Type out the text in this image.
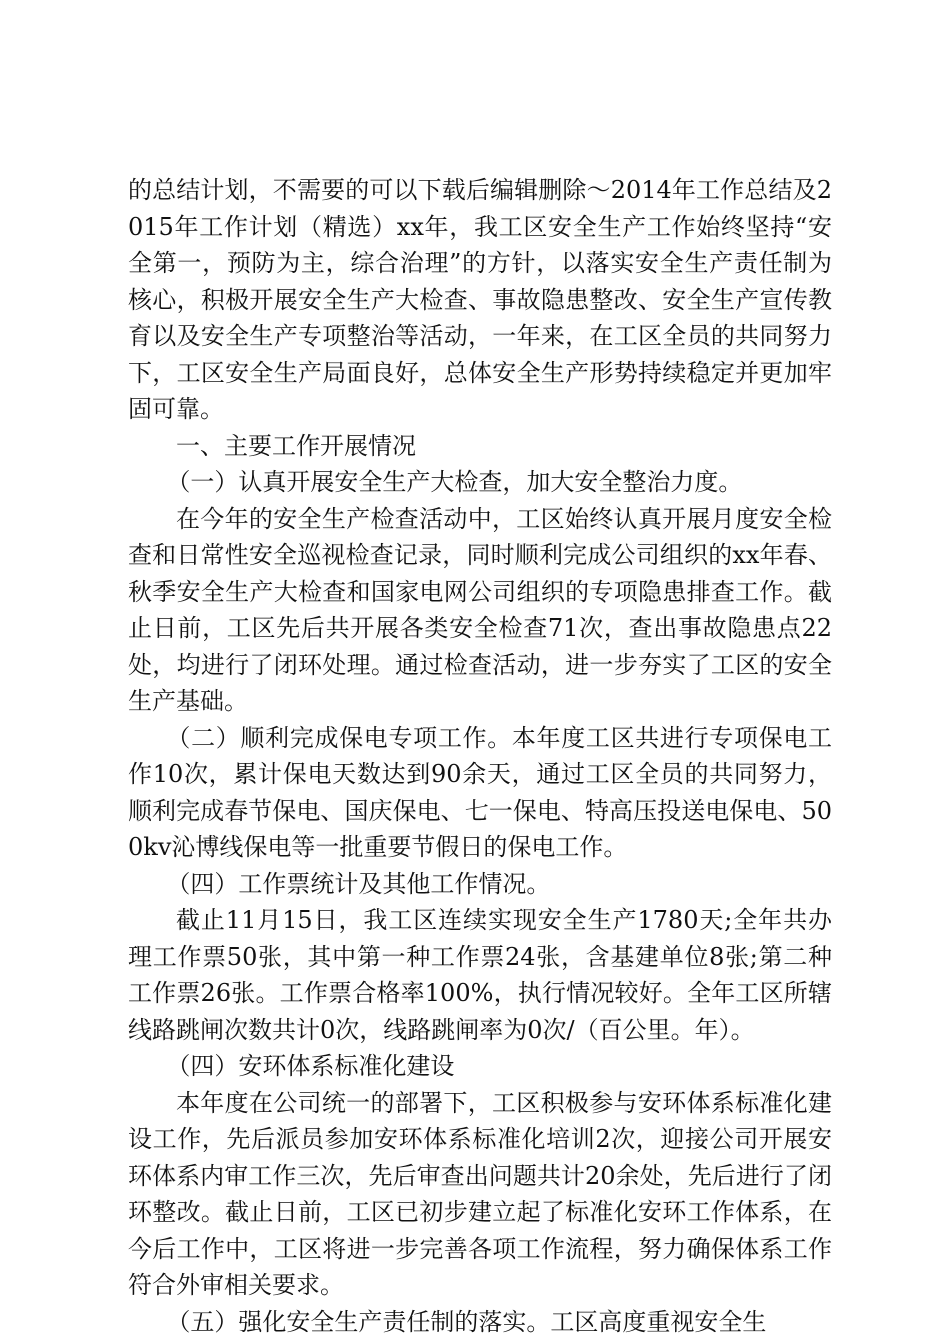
的总结计划，不需要的可以下载后编辑删除～2014年工作总结及2015年工作计划（精选）xx年，我工区安全生产工作始终坚持“安全第一，预防为主，综合治理”的方针，以落实安全生产责任制为核心，积极开展安全生产大检查、事故隐患整改、安全生产宣传教育以及安全生产专项整治等活动，一年来，在工区全员的共同努力下，工区安全生产局面良好，总体安全生产形势持续稳定并更加牢固可靠。

一、主要工作开展情况

（一）认真开展安全生产大检查，加大安全整治力度。

在今年的安全生产检查活动中，工区始终认真开展月度安全检查和日常性安全巡视检查记录，同时顺利完成公司组织的xx年春、秋季安全生产大检查和国家电网公司组织的专项隐患排查工作。截止日前，工区先后共开展各类安全检查71次，查出事故隐患点22处，均进行了闭环处理。通过检查活动，进一步夯实了工区的安全生产基础。

（二）顺利完成保电专项工作。本年度工区共进行专项保电工作10次，累计保电天数达到90余天，通过工区全员的共同努力，顺利完成春节保电、国庆保电、七一保电、特高压投送电保电、500kv沁博线保电等一批重要节假日的保电工作。

（四）工作票统计及其他工作情况。

截止11月15日，我工区连续实现安全生产1780天;全年共办理工作票50张，其中第一种工作票24张，含基建单位8张;第二种工作票26张。工作票合格率100%，执行情况较好。全年工区所辖线路跳闸次数共计0次，线路跳闸率为0次/（百公里。年）。

（四）安环体系标准化建设

本年度在公司统一的部署下，工区积极参与安环体系标准化建设工作，先后派员参加安环体系标准化培训2次，迎接公司开展安环体系内审工作三次，先后审查出问题共计20余处，先后进行了闭环整改。截止日前，工区已初步建立起了标准化安环工作体系，在今后工作中，工区将进一步完善各项工作流程，努力确保体系工作符合外审相关要求。

（五）强化安全生产责任制的落实。工区高度重视安全生
